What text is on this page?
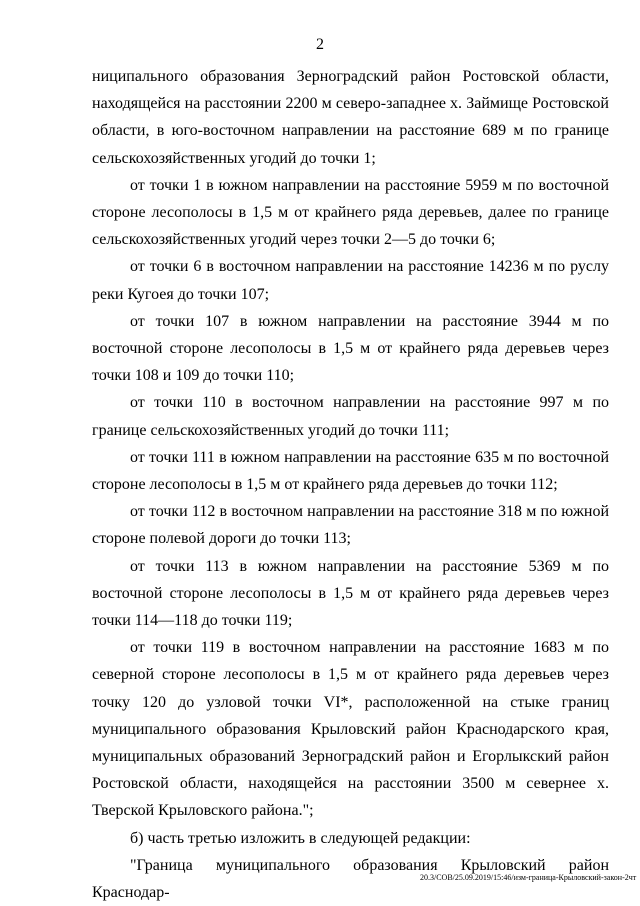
2

ниципального образования Зерноградский район Ростовской области, находящейся на расстоянии 2200 м северо-западнее х. Займище Ростовской области, в юго-восточном направлении на расстояние 689 м по границе сельскохозяйственных угодий до точки 1;

от точки 1 в южном направлении на расстояние 5959 м по восточной стороне лесополосы в 1,5 м от крайнего ряда деревьев, далее по границе сельскохозяйственных угодий через точки 2—5 до точки 6;

от точки 6 в восточном направлении на расстояние 14236 м по руслу реки Кугоея до точки 107;

от точки 107 в южном направлении на расстояние 3944 м по восточной стороне лесополосы в 1,5 м от крайнего ряда деревьев через точки 108 и 109 до точки 110;

от точки 110 в восточном направлении на расстояние 997 м по границе сельскохозяйственных угодий до точки 111;

от точки 111 в южном направлении на расстояние 635 м по восточной стороне лесополосы в 1,5 м от крайнего ряда деревьев до точки 112;

от точки 112 в восточном направлении на расстояние 318 м по южной стороне полевой дороги до точки 113;

от точки 113 в южном направлении на расстояние 5369 м по восточной стороне лесополосы в 1,5 м от крайнего ряда деревьев через точки 114—118 до точки 119;

от точки 119 в восточном направлении на расстояние 1683 м по северной стороне лесополосы в 1,5 м от крайнего ряда деревьев через точку 120 до узловой точки VI*, расположенной на стыке границ муниципального образования Крыловский район Краснодарского края, муниципальных образований Зерноградский район и Егорлыкский район Ростовской области, находящейся на расстоянии 3500 м севернее х. Тверской Крыловского района.";

б) часть третью изложить в следующей редакции:

"Граница муниципального образования Крыловский район Краснодар-

20.3/СОВ/25.09.2019/15:46/изм-граница-Крыловский-закон-2чт
